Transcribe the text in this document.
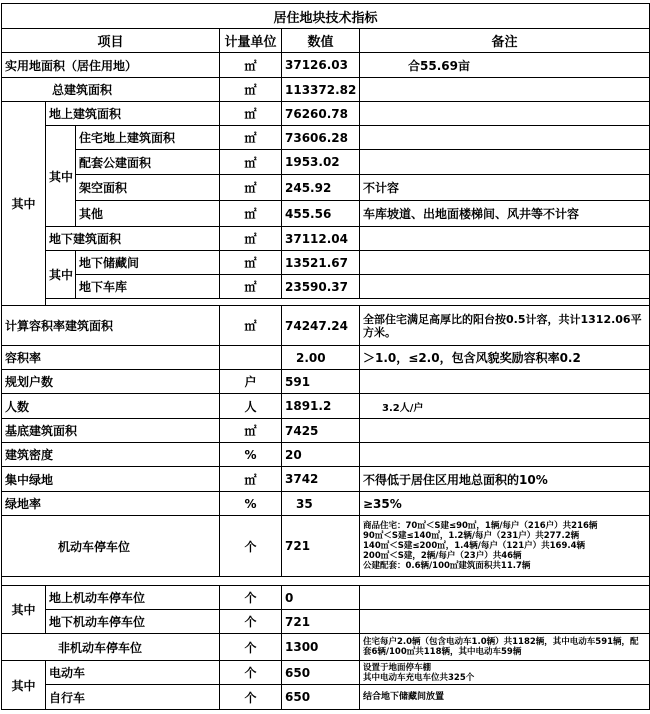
居住地块技术指标					
项目			计量单位	数值	备注
实用地面积（居住用地）			㎡	37126.03	合55.69亩
总建筑面积			㎡	113372.82	
其中	地上建筑面积		㎡	76260.78	
	其中	住宅地上建筑面积	㎡	73606.28	
		配套公建面积	㎡	1953.02	
		架空面积	㎡	245.92	不计容
		其他	㎡	455.56	车库坡道、出地面楼梯间、风井等不计容
	地下建筑面积		㎡	37112.04	
	其中	地下储藏间	㎡	13521.67	
		地下车库	㎡	23590.37	

计算容积率建筑面积			㎡	74247.24	全部住宅满足高厚比的阳台按0.5计容，共计1312.06平方米。
容积率				2.00	＞1.0，≤2.0，包含风貌奖励容积率0.2
规划户数			户	591	
人数			人	1891.2	3.2人/户
基底建筑面积			㎡	7425	
建筑密度			%	20	
集中绿地			㎡	3742	不得低于居住区用地总面积的10%
绿地率			%	35	≥35%
机动车停车位			个	721	商品住宅：70㎡＜S建≤90㎡，1辆/每户（216户）共216辆
90㎡＜S建≤140㎡，1.2辆/每户（231户）共277.2辆
140㎡＜S建≤200㎡，1.4辆/每户（121户）共169.4辆
200㎡＜S建，2辆/每户（23户）共46辆
公建配套：0.6辆/100㎡建筑面积共11.7辆

其中	地上机动车停车位		个	0	
	地下机动车停车位		个	721	
非机动车停车位			个	1300	住宅每户2.0辆（包含电动车1.0辆）共1182辆，其中电动车591辆，配套6辆/100㎡共118辆，其中电动车59辆
其中	电动车		个	650	设置于地面停车棚
其中电动车充电车位共325个

	自行车		个	650	结合地下储藏间放置
